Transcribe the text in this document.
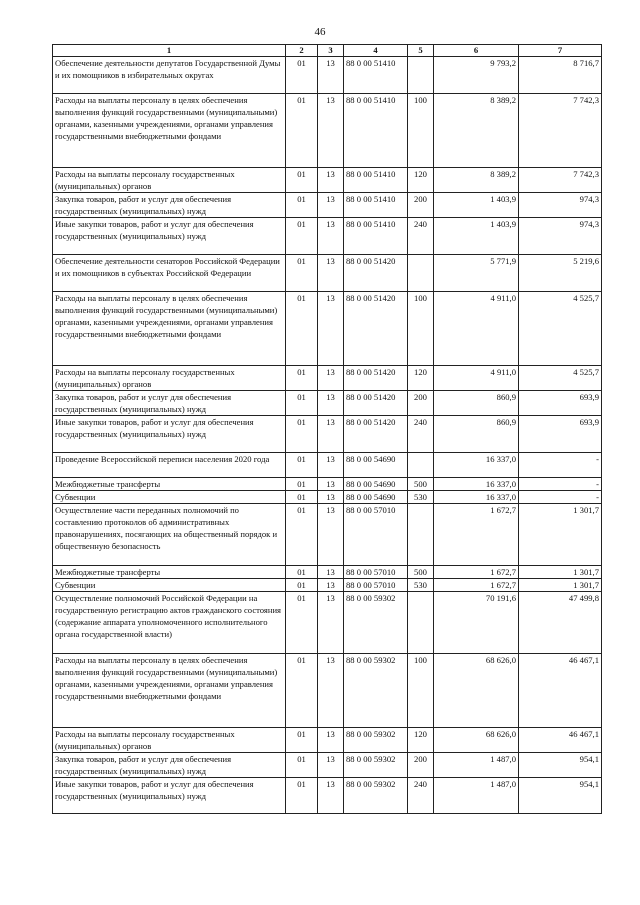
46
1	2	3	4	5	6	7
Обеспечение деятельности депутатов Государственной Думы и их помощников в избирательных округах	01	13	88 0 00 51410		9 793,2	8 716,7
Расходы на выплаты персоналу в целях обеспечения выполнения функций государственными (муниципальными) органами, казенными учреждениями, органами управления государственными внебюджетными фондами	01	13	88 0 00 51410	100	8 389,2	7 742,3
Расходы на выплаты персоналу государственных (муниципальных) органов	01	13	88 0 00 51410	120	8 389,2	7 742,3
Закупка товаров, работ и услуг для обеспечения государственных (муниципальных) нужд	01	13	88 0 00 51410	200	1 403,9	974,3
Иные закупки товаров, работ и услуг для обеспечения государственных (муниципальных) нужд	01	13	88 0 00 51410	240	1 403,9	974,3
Обеспечение деятельности сенаторов Российской Федерации и их помощников в субъектах Российской Федерации	01	13	88 0 00 51420		5 771,9	5 219,6
Расходы на выплаты персоналу в целях обеспечения выполнения функций государственными (муниципальными) органами, казенными учреждениями, органами управления государственными внебюджетными фондами	01	13	88 0 00 51420	100	4 911,0	4 525,7
Расходы на выплаты персоналу государственных (муниципальных) органов	01	13	88 0 00 51420	120	4 911,0	4 525,7
Закупка товаров, работ и услуг для обеспечения государственных (муниципальных) нужд	01	13	88 0 00 51420	200	860,9	693,9
Иные закупки товаров, работ и услуг для обеспечения государственных (муниципальных) нужд	01	13	88 0 00 51420	240	860,9	693,9
Проведение Всероссийской переписи населения 2020 года	01	13	88 0 00 54690		16 337,0	-
Межбюджетные трансферты	01	13	88 0 00 54690	500	16 337,0	-
Субвенции	01	13	88 0 00 54690	530	16 337,0	-
Осуществление части переданных полномочий по составлению протоколов об административных правонарушениях, посягающих на общественный порядок и общественную безопасность	01	13	88 0 00 57010		1 672,7	1 301,7
Межбюджетные трансферты	01	13	88 0 00 57010	500	1 672,7	1 301,7
Субвенции	01	13	88 0 00 57010	530	1 672,7	1 301,7
Осуществление полномочий Российской Федерации на государственную регистрацию актов гражданского состояния (содержание аппарата уполномоченного исполнительного органа государственной власти)	01	13	88 0 00 59302		70 191,6	47 499,8
Расходы на выплаты персоналу в целях обеспечения выполнения функций государственными (муниципальными) органами, казенными учреждениями, органами управления государственными внебюджетными фондами	01	13	88 0 00 59302	100	68 626,0	46 467,1
Расходы на выплаты персоналу государственных (муниципальных) органов	01	13	88 0 00 59302	120	68 626,0	46 467,1
Закупка товаров, работ и услуг для обеспечения государственных (муниципальных) нужд	01	13	88 0 00 59302	200	1 487,0	954,1
Иные закупки товаров, работ и услуг для обеспечения государственных (муниципальных) нужд	01	13	88 0 00 59302	240	1 487,0	954,1
